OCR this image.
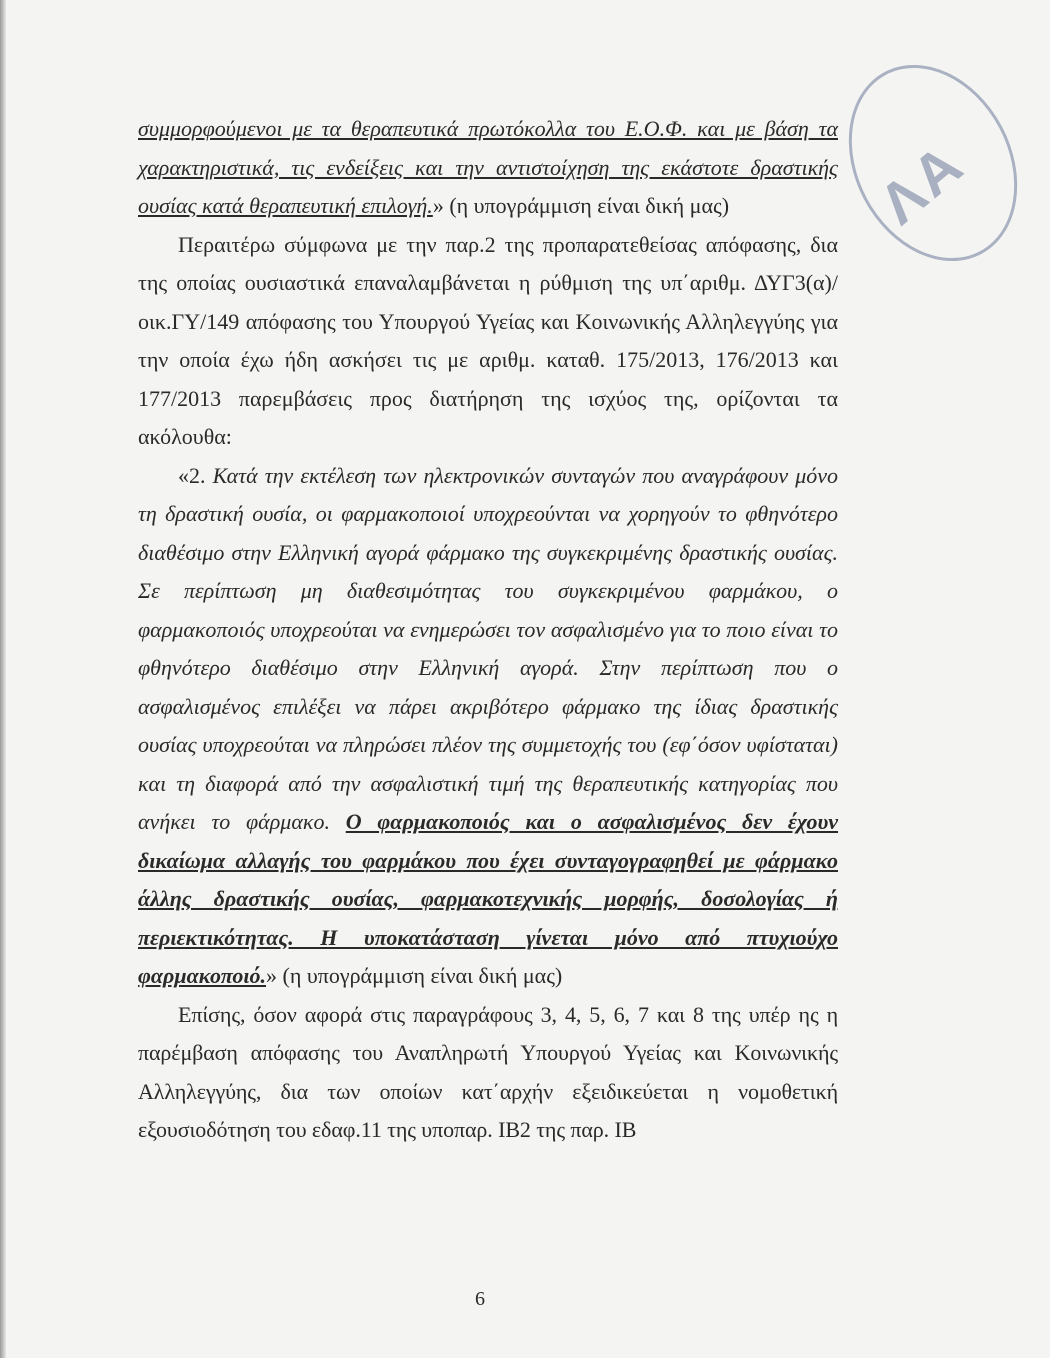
ΛΑ

συμμορφούμενοι με τα θεραπευτικά πρωτόκολλα του Ε.Ο.Φ. και με βάση τα χαρακτηριστικά, τις ενδείξεις και την αντιστοίχηση της εκάστοτε δραστικής ουσίας κατά θεραπευτική επιλογή.» (η υπογράμμιση είναι δική μας)

Περαιτέρω σύμφωνα με την παρ.2 της προπαρατεθείσας απόφασης, δια της οποίας ουσιαστικά επαναλαμβάνεται η ρύθμιση της υπ΄αριθμ. ΔΥΓ3(α)/οικ.ΓΥ/149 απόφασης του Υπουργού Υγείας και Κοινωνικής Αλληλεγγύης για την οποία έχω ήδη ασκήσει τις με αριθμ. καταθ. 175/2013, 176/2013 και 177/2013 παρεμβάσεις προς διατήρηση της ισχύος της, ορίζονται τα ακόλουθα:

«2. Κατά την εκτέλεση των ηλεκτρονικών συνταγών που αναγράφουν μόνο τη δραστική ουσία, οι φαρμακοποιοί υποχρεούνται να χορηγούν το φθηνότερο διαθέσιμο στην Ελληνική αγορά φάρμακο της συγκεκριμένης δραστικής ουσίας. Σε περίπτωση μη διαθεσιμότητας του συγκεκριμένου φαρμάκου, ο φαρμακοποιός υποχρεούται να ενημερώσει τον ασφαλισμένο για το ποιο είναι το φθηνότερο διαθέσιμο στην Ελληνική αγορά. Στην περίπτωση που ο ασφαλισμένος επιλέξει να πάρει ακριβότερο φάρμακο της ίδιας δραστικής ουσίας υποχρεούται να πληρώσει πλέον της συμμετοχής του (εφ΄όσον υφίσταται) και τη διαφορά από την ασφαλιστική τιμή της θεραπευτικής κατηγορίας που ανήκει το φάρμακο. Ο φαρμακοποιός και ο ασφαλισμένος δεν έχουν δικαίωμα αλλαγής του φαρμάκου που έχει συνταγογραφηθεί με φάρμακο άλλης δραστικής ουσίας, φαρμακοτεχνικής μορφής, δοσολογίας ή περιεκτικότητας. Η υποκατάσταση γίνεται μόνο από πτυχιούχο φαρμακοποιό.» (η υπογράμμιση είναι δική μας)

Επίσης, όσον αφορά στις παραγράφους 3, 4, 5, 6, 7 και 8 της υπέρ ης η παρέμβαση απόφασης του Αναπληρωτή Υπουργού Υγείας και Κοινωνικής Αλληλεγγύης, δια των οποίων κατ΄αρχήν εξειδικεύεται η νομοθετική εξουσιοδότηση του εδαφ.11 της υποπαρ. ΙΒ2 της παρ. ΙΒ

6
